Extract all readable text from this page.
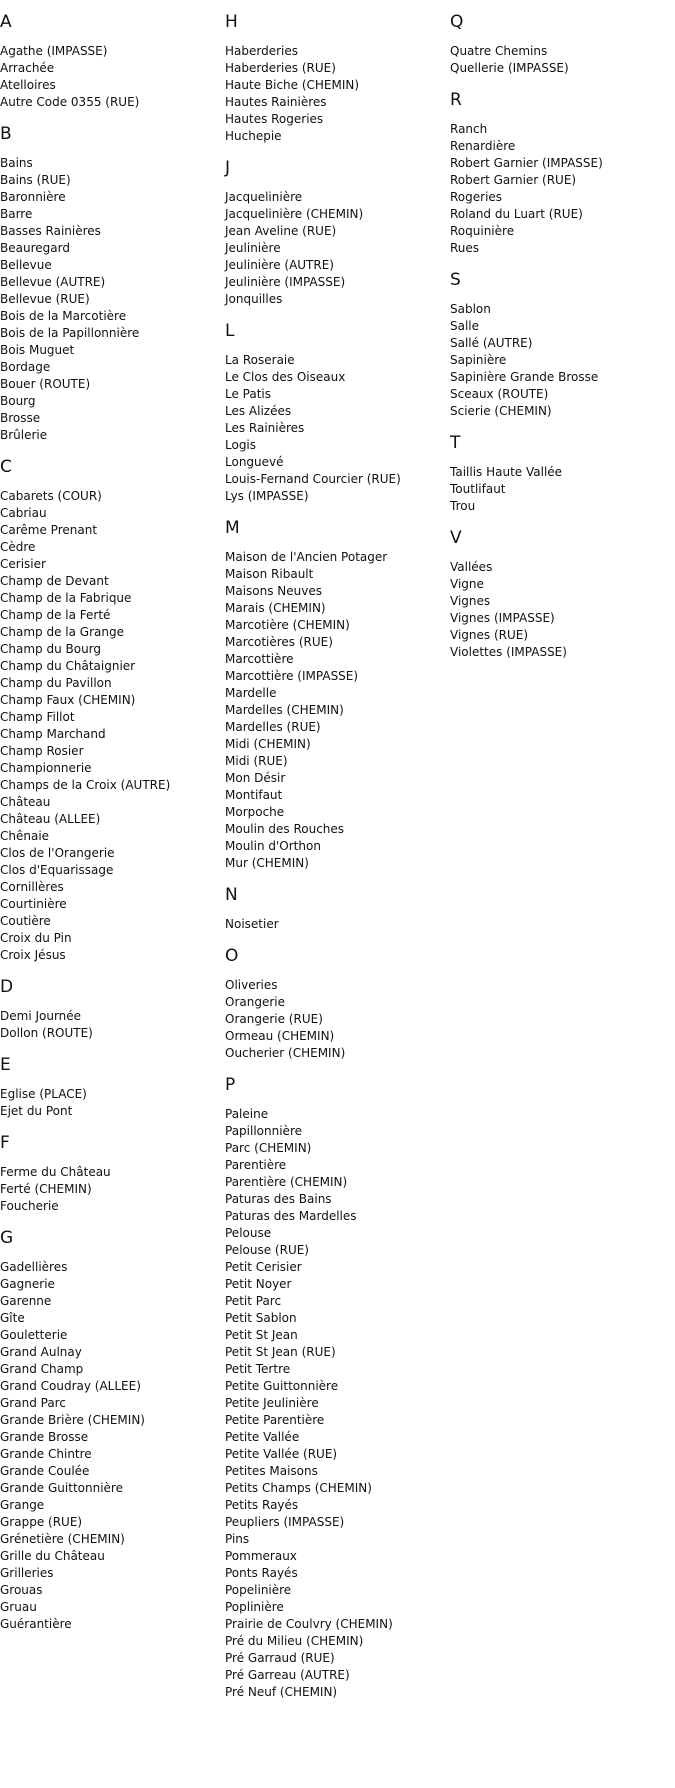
A
Agathe (IMPASSE)
Arrachée
Atelloires
Autre Code 0355 (RUE)
B
Bains
Bains (RUE)
Baronnière
Barre
Basses Rainières
Beauregard
Bellevue
Bellevue (AUTRE)
Bellevue (RUE)
Bois de la Marcotière
Bois de la Papillonnière
Bois Muguet
Bordage
Bouer (ROUTE)
Bourg
Brosse
Brûlerie
C
Cabarets (COUR)
Cabriau
Carême Prenant
Cèdre
Cerisier
Champ de Devant
Champ de la Fabrique
Champ de la Ferté
Champ de la Grange
Champ du Bourg
Champ du Châtaignier
Champ du Pavillon
Champ Faux (CHEMIN)
Champ Fillot
Champ Marchand
Champ Rosier
Championnerie
Champs de la Croix (AUTRE)
Château
Château (ALLEE)
Chênaie
Clos de l'Orangerie
Clos d'Equarissage
Cornillères
Courtinière
Coutière
Croix du Pin
Croix Jésus
D
Demi Journée
Dollon (ROUTE)
E
Eglise (PLACE)
Ejet du Pont
F
Ferme du Château
Ferté (CHEMIN)
Foucherie
G
Gadellières
Gagnerie
Garenne
Gîte
Gouletterie
Grand Aulnay
Grand Champ
Grand Coudray (ALLEE)
Grand Parc
Grande Brière (CHEMIN)
Grande Brosse
Grande Chintre
Grande Coulée
Grande Guittonnière
Grange
Grappe (RUE)
Grénetière (CHEMIN)
Grille du Château
Grilleries
Grouas
Gruau
Guérantière
H
Haberderies
Haberderies (RUE)
Haute Biche (CHEMIN)
Hautes Rainières
Hautes Rogeries
Huchepie
J
Jacquelinière
Jacquelinière (CHEMIN)
Jean Aveline (RUE)
Jeulinière
Jeulinière (AUTRE)
Jeulinière (IMPASSE)
Jonquilles
L
La Roseraie
Le Clos des Oiseaux
Le Patis
Les Alizées
Les Rainières
Logis
Longuevé
Louis-Fernand Courcier (RUE)
Lys (IMPASSE)
M
Maison de l'Ancien Potager
Maison Ribault
Maisons Neuves
Marais (CHEMIN)
Marcotière (CHEMIN)
Marcotières (RUE)
Marcottière
Marcottière (IMPASSE)
Mardelle
Mardelles (CHEMIN)
Mardelles (RUE)
Midi (CHEMIN)
Midi (RUE)
Mon Désir
Montifaut
Morpoche
Moulin des Rouches
Moulin d'Orthon
Mur (CHEMIN)
N
Noisetier
O
Oliveries
Orangerie
Orangerie (RUE)
Ormeau (CHEMIN)
Oucherier (CHEMIN)
P
Paleine
Papillonnière
Parc (CHEMIN)
Parentière
Parentière (CHEMIN)
Paturas des Bains
Paturas des Mardelles
Pelouse
Pelouse (RUE)
Petit Cerisier
Petit Noyer
Petit Parc
Petit Sablon
Petit St Jean
Petit St Jean (RUE)
Petit Tertre
Petite Guittonnière
Petite Jeulinière
Petite Parentière
Petite Vallée
Petite Vallée (RUE)
Petites Maisons
Petits Champs (CHEMIN)
Petits Rayés
Peupliers (IMPASSE)
Pins
Pommeraux
Ponts Rayés
Popelinière
Poplinière
Prairie de Coulvry (CHEMIN)
Pré du Milieu (CHEMIN)
Pré Garraud (RUE)
Pré Garreau (AUTRE)
Pré Neuf (CHEMIN)
Q
Quatre Chemins
Quellerie (IMPASSE)
R
Ranch
Renardière
Robert Garnier (IMPASSE)
Robert Garnier (RUE)
Rogeries
Roland du Luart (RUE)
Roquinière
Rues
S
Sablon
Salle
Sallé (AUTRE)
Sapinière
Sapinière Grande Brosse
Sceaux (ROUTE)
Scierie (CHEMIN)
T
Taillis Haute Vallée
Toutlifaut
Trou
V
Vallées
Vigne
Vignes
Vignes (IMPASSE)
Vignes (RUE)
Violettes (IMPASSE)
